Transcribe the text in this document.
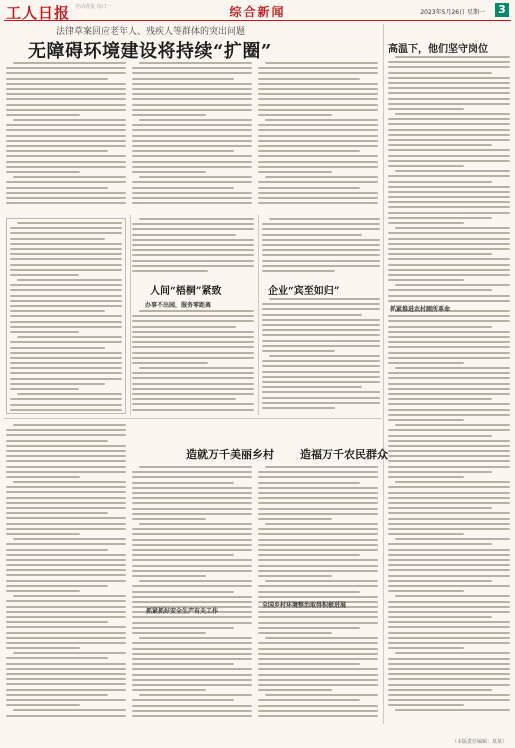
工人日报 劳动者报 每日一	综合新闻	2023年5月26日 星期一 3
法律草案回应老年人、残疾人等群体的突出问题
无障碍环境建设将持续“扩圈”	高温下，他们坚守岗位
人间“梧桐”紧致	企业“宾至如归”
办事不出园，服务零距离
造就万千美丽乡村 造福万千农民群众
抓紧抓好安全生产有关工作
全国乡村环境整治取得积极进展
抓紧推进农村厕所革命
（本版责任编辑：某某）
